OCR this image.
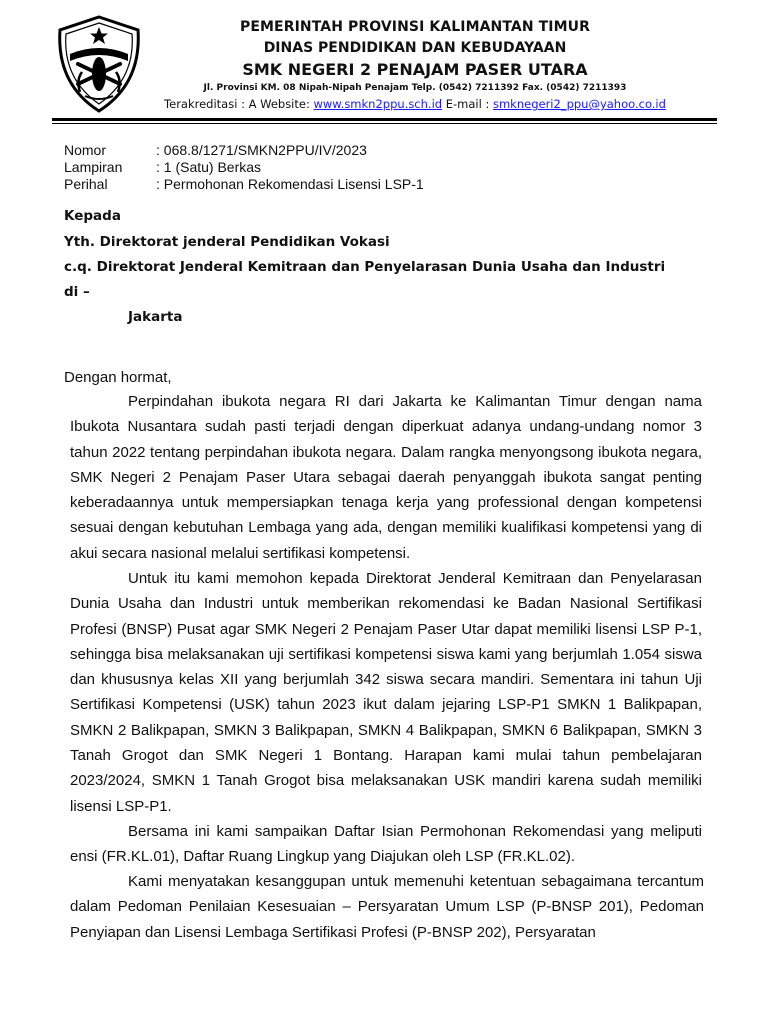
PEMERINTAH PROVINSI KALIMANTAN TIMUR
DINAS PENDIDIKAN DAN KEBUDAYAAN
SMK NEGERI 2 PENAJAM PASER UTARA
Jl. Provinsi KM. 08 Nipah-Nipah Penajam Telp. (0542) 7211392 Fax. (0542) 7211393
Terakreditasi : A Website: www.smkn2ppu.sch.id E-mail : smknegeri2_ppu@yahoo.co.id
Nomor	: 068.8/1271/SMKN2PPU/IV/2023
Lampiran : 1 (Satu) Berkas
Perihal	: Permohonan Rekomendasi Lisensi LSP-1
Kepada
Yth. Direktorat jenderal Pendidikan Vokasi
c.q. Direktorat Jenderal Kemitraan dan Penyelarasan Dunia Usaha dan Industri
di –
Jakarta
Dengan hormat,

Perpindahan ibukota negara RI dari Jakarta ke Kalimantan Timur dengan nama Ibukota Nusantara sudah pasti terjadi dengan diperkuat adanya undang-undang nomor 3 tahun 2022 tentang perpindahan ibukota negara. Dalam rangka menyongsong ibukota negara, SMK Negeri 2 Penajam Paser Utara sebagai daerah penyanggah ibukota sangat penting keberadaannya untuk mempersiapkan tenaga kerja yang professional dengan kompetensi sesuai dengan kebutuhan Lembaga yang ada, dengan memiliki kualifikasi kompetensi yang di akui secara nasional melalui sertifikasi kompetensi.

Untuk itu kami memohon kepada Direktorat Jenderal Kemitraan dan Penyelarasan Dunia Usaha dan Industri untuk memberikan rekomendasi ke Badan Nasional Sertifikasi Profesi (BNSP) Pusat agar SMK Negeri 2 Penajam Paser Utar dapat memiliki lisensi LSP P-1, sehingga bisa melaksanakan uji sertifikasi kompetensi siswa kami yang berjumlah 1.054 siswa dan khususnya kelas XII yang berjumlah 342 siswa secara mandiri. Sementara ini tahun Uji Sertifikasi Kompetensi (USK) tahun 2023 ikut dalam jejaring LSP-P1 SMKN 1 Balikpapan, SMKN 2 Balikpapan, SMKN 3 Balikpapan, SMKN 4 Balikpapan, SMKN 6 Balikpapan, SMKN 3 Tanah Grogot dan SMK Negeri 1 Bontang. Harapan kami mulai tahun pembelajaran 2023/2024, SMKN 1 Tanah Grogot bisa melaksanakan USK mandiri karena sudah memiliki lisensi LSP-P1.

Bersama ini kami sampaikan Daftar Isian Permohonan Rekomendasi yang meliputi ensi (FR.KL.01), Daftar Ruang Lingkup yang Diajukan oleh LSP (FR.KL.02).

Kami menyatakan kesanggupan untuk memenuhi ketentuan sebagaimana tercantum dalam Pedoman Penilaian Kesesuaian – Persyaratan Umum LSP (P-BNSP 201), Pedoman Penyiapan dan Lisensi Lembaga Sertifikasi Profesi (P-BNSP 202), Persyaratan
